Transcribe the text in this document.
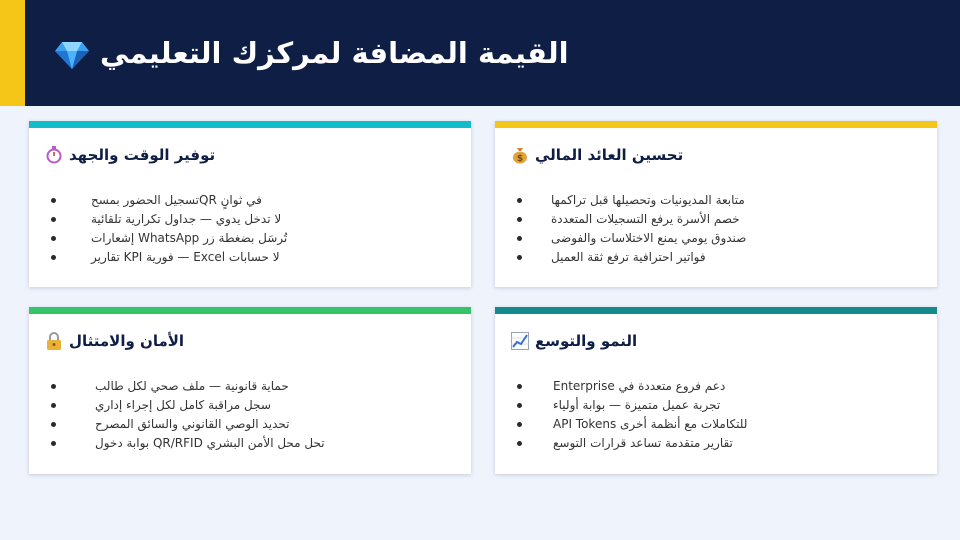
القيمة المضافة لمركزك التعليمي
توفير الوقت والجهد
في ثوانٍ QRتسجيل الحضور بمسح
لا تدخل يدوي — جداول تكرارية تلقائية
تُرسَل بضغطة زر WhatsApp إشعارات
لا حسابات Excel — فورية KPI تقارير
$ تحسين العائد المالي
متابعة المديونيات وتحصيلها قبل تراكمها
خصم الأسرة يرفع التسجيلات المتعددة
صندوق يومي يمنع الاختلاسات والفوضى
فواتير احترافية ترفع ثقة العميل
الأمان والامتثال
حماية قانونية — ملف صحي لكل طالب
سجل مراقبة كامل لكل إجراء إداري
تحديد الوصي القانوني والسائق المصرح
تحل محل الأمن البشري QR/RFID بوابة دخول
النمو والتوسع
Enterprise دعم فروع متعددة في
تجربة عميل متميزة — بوابة أولياء
API Tokens للتكاملات مع أنظمة أخرى
تقارير متقدمة تساعد قرارات التوسع
